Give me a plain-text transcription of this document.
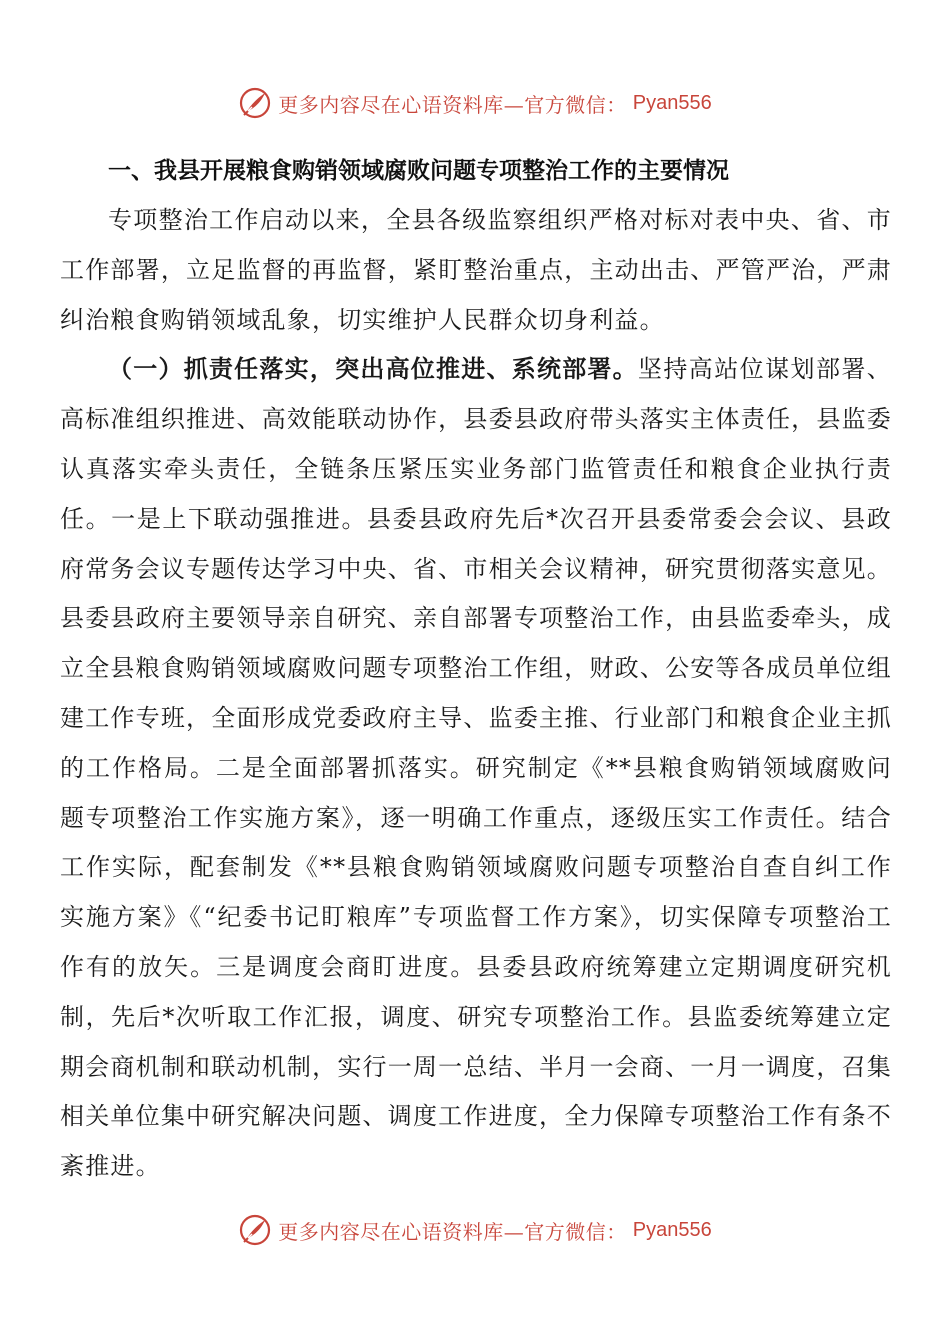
更多内容尽在心语资料库—官方微信： Pyan556

一、我县开展粮食购销领域腐败问题专项整治工作的主要情况

专项整治工作启动以来，全县各级监察组织严格对标对表中央、省、市工作部署，立足监督的再监督，紧盯整治重点，主动出击、严管严治，严肃纠治粮食购销领域乱象，切实维护人民群众切身利益。

（一）抓责任落实，突出高位推进、系统部署。坚持高站位谋划部署、高标准组织推进、高效能联动协作，县委县政府带头落实主体责任，县监委认真落实牵头责任，全链条压紧压实业务部门监管责任和粮食企业执行责任。一是上下联动强推进。县委县政府先后*次召开县委常委会会议、县政府常务会议专题传达学习中央、省、市相关会议精神，研究贯彻落实意见。县委县政府主要领导亲自研究、亲自部署专项整治工作，由县监委牵头，成立全县粮食购销领域腐败问题专项整治工作组，财政、公安等各成员单位组建工作专班，全面形成党委政府主导、监委主推、行业部门和粮食企业主抓的工作格局。二是全面部署抓落实。研究制定《**县粮食购销领域腐败问题专项整治工作实施方案》，逐一明确工作重点，逐级压实工作责任。结合工作实际，配套制发《**县粮食购销领域腐败问题专项整治自查自纠工作实施方案》《“纪委书记盯粮库”专项监督工作方案》，切实保障专项整治工作有的放矢。三是调度会商盯进度。县委县政府统筹建立定期调度研究机制，先后*次听取工作汇报，调度、研究专项整治工作。县监委统筹建立定期会商机制和联动机制，实行一周一总结、半月一会商、一月一调度，召集相关单位集中研究解决问题、调度工作进度，全力保障专项整治工作有条不紊推进。

更多内容尽在心语资料库—官方微信： Pyan556
